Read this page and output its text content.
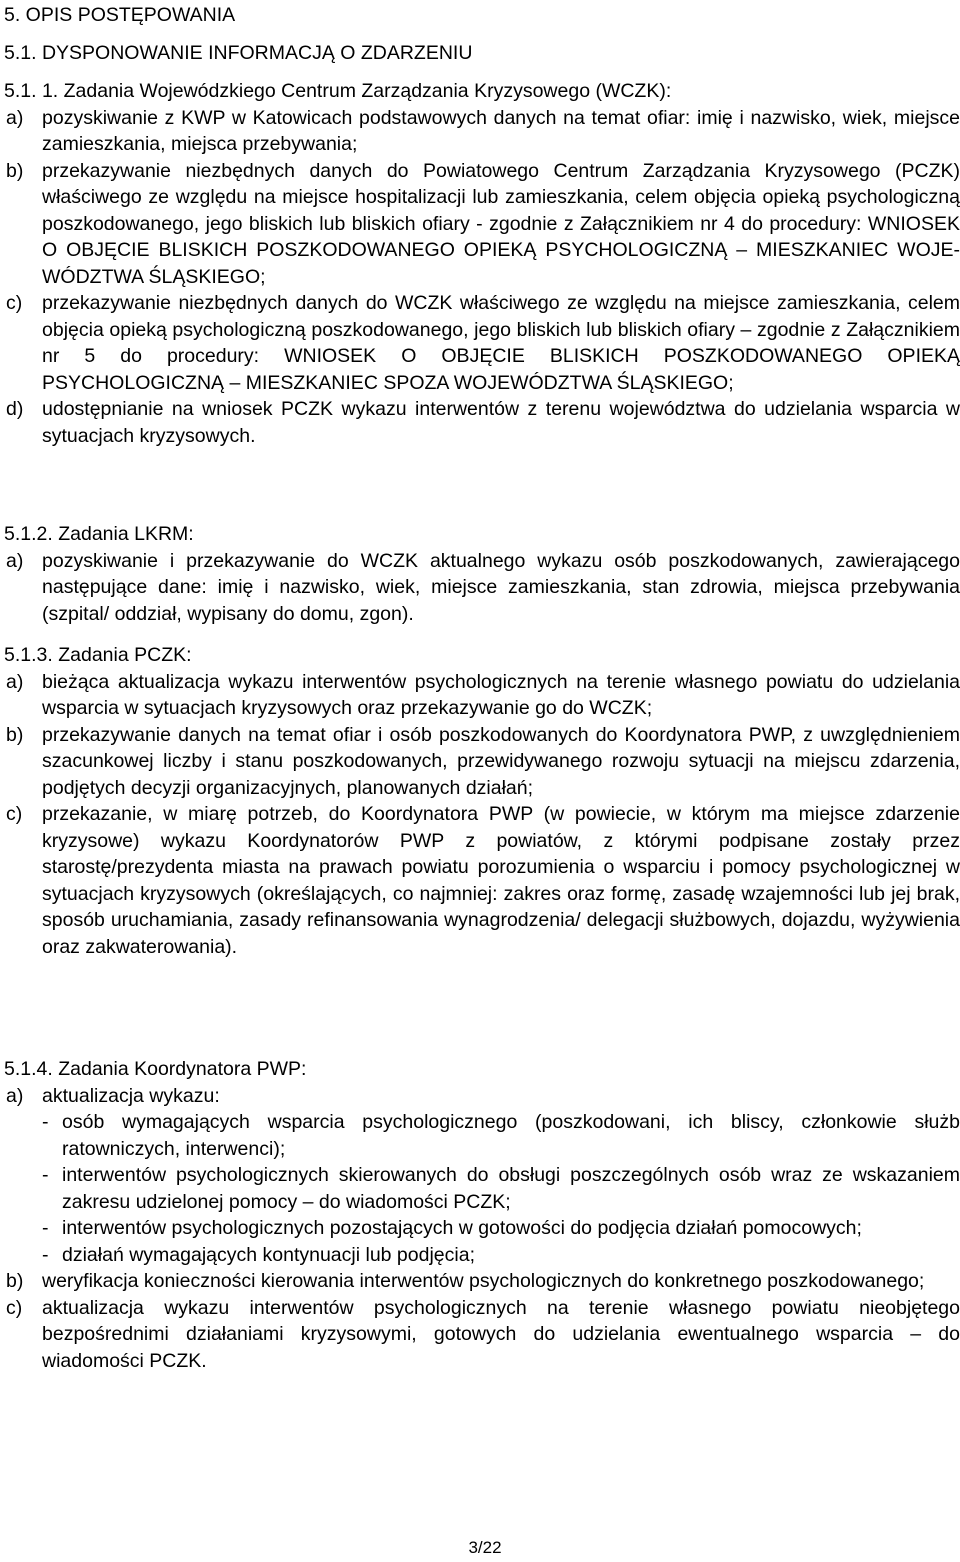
5. OPIS POSTĘPOWANIA
5.1. DYSPONOWANIE INFORMACJĄ O ZDARZENIU
5.1. 1. Zadania Wojewódzkiego Centrum Zarządzania Kryzysowego (WCZK):
a) pozyskiwanie z KWP w Katowicach podstawowych danych na temat ofiar: imię i nazwisko, wiek, miejsce zamieszkania, miejsca przebywania;
b) przekazywanie niezbędnych danych do Powiatowego Centrum Zarządzania Kryzysowego (PCZK) właściwego ze względu na miejsce hospitalizacji lub zamieszkania, celem objęcia opieką psychologiczną poszkodowanego, jego bliskich lub bliskich ofiary - zgodnie z Załącznikiem nr 4 do procedury: WNIOSEK O OBJĘCIE BLISKICH POSZKODOWANEGO OPIEKĄ PSYCHOLOGICZNĄ – MIESZKANIEC WOJEWÓDZTWA ŚLĄSKIEGO;
c)	przekazywanie niezbędnych danych do WCZK właściwego ze względu na miejsce zamieszkania, celem objęcia opieką psychologiczną poszkodowanego, jego bliskich lub bliskich ofiary – zgodnie z Załącznikiem nr 5 do procedury: WNIOSEK O OBJĘCIE BLISKICH POSZKODOWANEGO OPIEKĄ PSYCHOLOGICZNĄ – MIESZKANIEC SPOZA WOJEWÓDZTWA ŚLĄSKIEGO;
d) udostępnianie na wniosek PCZK wykazu interwentów z terenu województwa do udzielania wsparcia w sytuacjach kryzysowych.
5.1.2. Zadania LKRM:
a) pozyskiwanie i przekazywanie do WCZK aktualnego wykazu osób poszkodowanych, zawierającego następujące dane: imię i nazwisko, wiek, miejsce zamieszkania, stan zdrowia, miejsca przebywania (szpital/ oddział, wypisany do domu, zgon).
5.1.3. Zadania PCZK:
a) bieżąca aktualizacja wykazu interwentów psychologicznych na terenie własnego powiatu do udzielania wsparcia w sytuacjach kryzysowych oraz przekazywanie go do WCZK;
b) przekazywanie danych na temat ofiar i osób poszkodowanych do Koordynatora PWP, z uwzględnieniem szacunkowej liczby i stanu poszkodowanych, przewidywanego rozwoju sytuacji na miejscu zdarzenia, podjętych decyzji organizacyjnych, planowanych działań;
c)	przekazanie, w miarę potrzeb, do Koordynatora PWP (w powiecie, w którym ma miejsce zdarzenie kryzysowe) wykazu Koordynatorów PWP z powiatów, z którymi podpisane zostały przez starostę/prezydenta miasta na prawach powiatu porozumienia o wsparciu i pomocy psychologicznej w sytuacjach kryzysowych (określających, co najmniej: zakres oraz formę, zasadę wzajemności lub jej brak, sposób uruchamiania, zasady refinansowania wynagrodzenia/ delegacji służbowych, dojazdu, wyżywienia oraz zakwaterowania).
5.1.4. Zadania Koordynatora PWP:
a) aktualizacja wykazu:
- osób wymagających wsparcia psychologicznego (poszkodowani, ich bliscy, członkowie służb ratowniczych, interwenci);
- interwentów psychologicznych skierowanych do obsługi poszczególnych osób wraz ze wskazaniem zakresu udzielonej pomocy – do wiadomości PCZK;
- interwentów psychologicznych pozostających w gotowości do podjęcia działań pomocowych;
- działań wymagających kontynuacji lub podjęcia;
b) weryfikacja konieczności kierowania interwentów psychologicznych do konkretnego poszkodowanego;
c)	aktualizacja wykazu interwentów psychologicznych na terenie własnego powiatu nieobjętego bezpośrednimi działaniami kryzysowymi, gotowych do udzielania ewentualnego wsparcia – do wiadomości PCZK.
3/22
